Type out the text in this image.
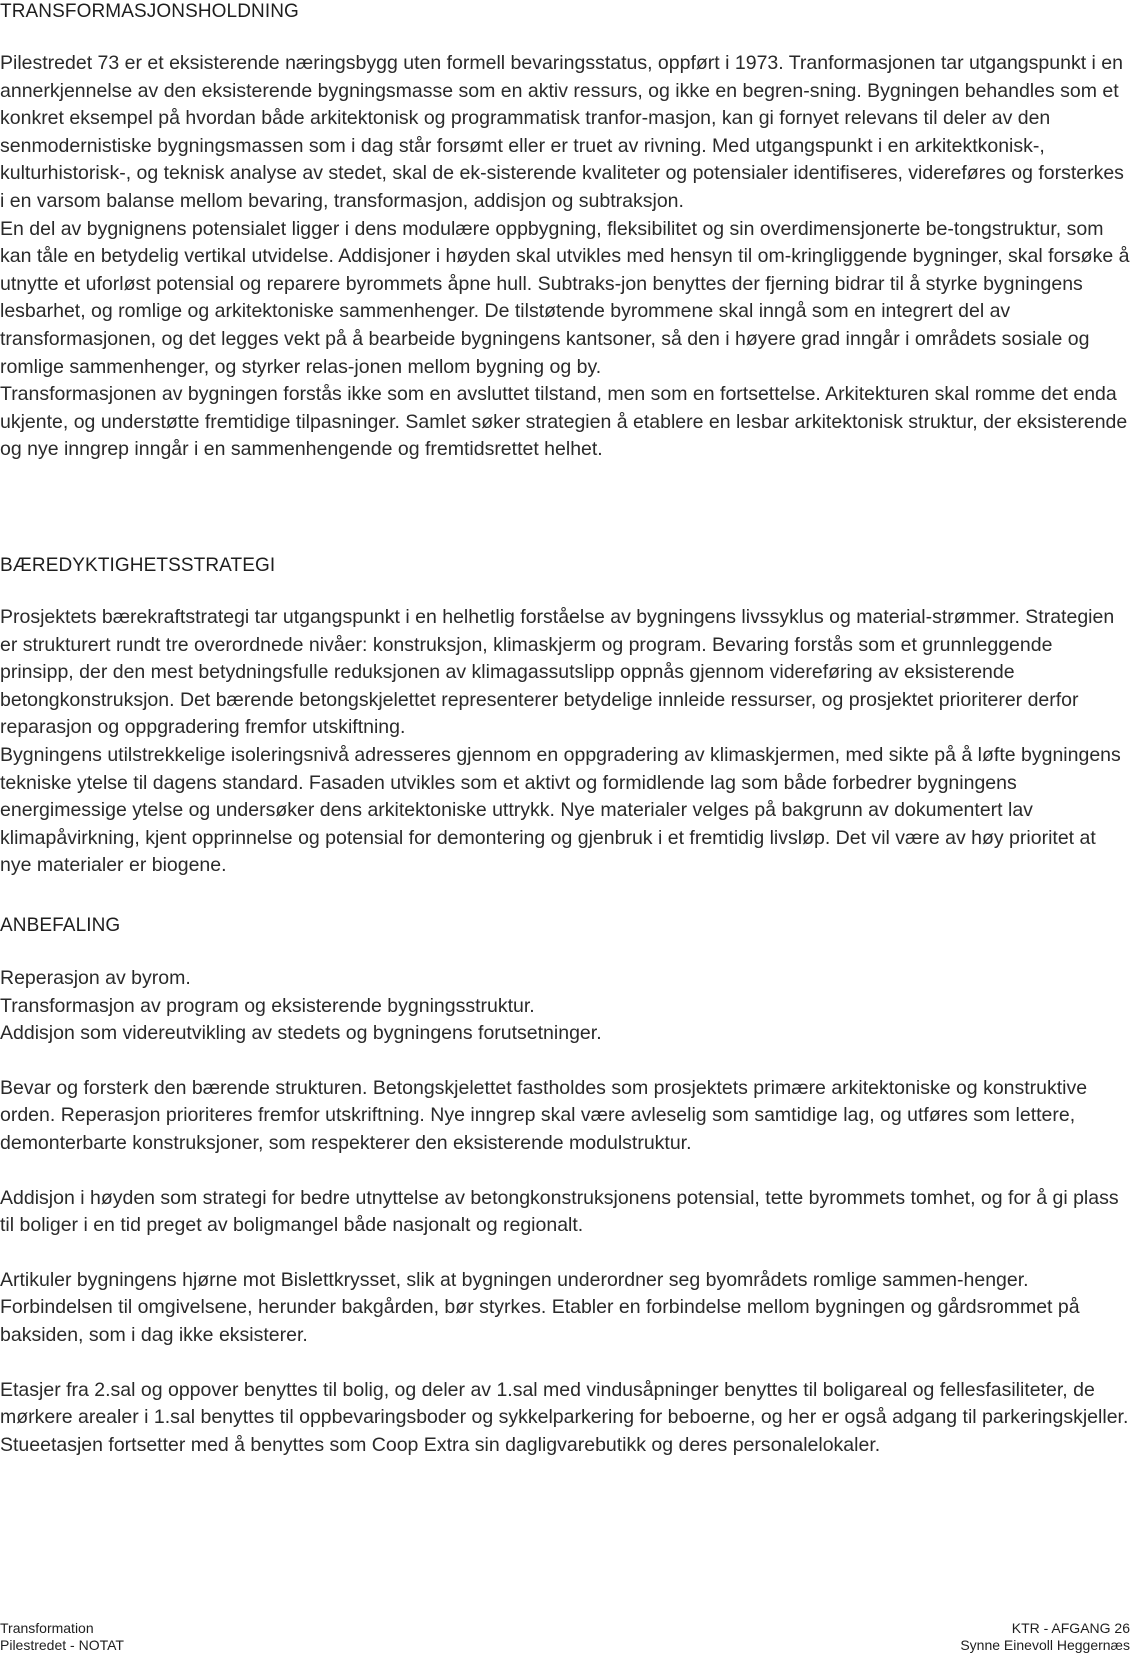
TRANSFORMASJONSHOLDNING

Pilestredet 73 er et eksisterende næringsbygg uten formell bevaringsstatus, oppført i 1973. Tranformasjonen tar utgangspunkt i en annerkjennelse av den eksisterende bygningsmasse som en aktiv ressurs, og ikke en begren-sning. Bygningen behandles som et konkret eksempel på hvordan både arkitektonisk og programmatisk tranfor-masjon, kan gi fornyet relevans til deler av den senmodernistiske bygningsmassen som i dag står forsømt eller er truet av rivning. Med utgangspunkt i en arkitektkonisk-, kulturhistorisk-, og teknisk analyse av stedet, skal de ek-sisterende kvaliteter og potensialer identifiseres, videreføres og forsterkes i en varsom balanse mellom bevaring, transformasjon, addisjon og subtraksjon.

En del av bygnignens potensialet ligger i dens modulære oppbygning, fleksibilitet og sin overdimensjonerte be-tongstruktur, som kan tåle en betydelig vertikal utvidelse. Addisjoner i høyden skal utvikles med hensyn til om-kringliggende bygninger, skal forsøke å utnytte et uforløst potensial og reparere byrommets åpne hull. Subtraks-jon benyttes der fjerning bidrar til å styrke bygningens lesbarhet, og romlige og arkitektoniske sammenhenger. De tilstøtende byrommene skal inngå som en integrert del av transformasjonen, og det legges vekt på å bearbeide bygningens kantsoner, så den i høyere grad inngår i områdets sosiale og romlige sammenhenger, og styrker relas-jonen mellom bygning og by.

Transformasjonen av bygningen forstås ikke som en avsluttet tilstand, men som en fortsettelse. Arkitekturen skal romme det enda ukjente, og understøtte fremtidige tilpasninger. Samlet søker strategien å etablere en lesbar arkitektonisk struktur, der eksisterende og nye inngrep inngår i en sammenhengende og fremtidsrettet helhet.

BÆREDYKTIGHETSSTRATEGI

Prosjektets bærekraftstrategi tar utgangspunkt i en helhetlig forståelse av bygningens livssyklus og material-strømmer. Strategien er strukturert rundt tre overordnede nivåer: konstruksjon, klimaskjerm og program. Bevaring forstås som et grunnleggende prinsipp, der den mest betydningsfulle reduksjonen av klimagassutslipp oppnås gjennom videreføring av eksisterende betongkonstruksjon. Det bærende betongskjelettet representerer betydelige innleide ressurser, og prosjektet prioriterer derfor reparasjon og oppgradering fremfor utskiftning.

Bygningens utilstrekkelige isoleringsnivå adresseres gjennom en oppgradering av klimaskjermen, med sikte på å løfte bygningens tekniske ytelse til dagens standard. Fasaden utvikles som et aktivt og formidlende lag som både forbedrer bygningens energimessige ytelse og undersøker dens arkitektoniske uttrykk. Nye materialer velges på bakgrunn av dokumentert lav klimapåvirkning, kjent opprinnelse og potensial for demontering og gjenbruk i et fremtidig livsløp. Det vil være av høy prioritet at nye materialer er biogene.

ANBEFALING

Reperasjon av byrom.

Transformasjon av program og eksisterende bygningsstruktur.

Addisjon som videreutvikling av stedets og bygningens forutsetninger.

Bevar og forsterk den bærende strukturen. Betongskjelettet fastholdes som prosjektets primære arkitektoniske og konstruktive orden. Reperasjon prioriteres fremfor utskriftning. Nye inngrep skal være avleselig som samtidige lag, og utføres som lettere, demonterbarte konstruksjoner, som respekterer den eksisterende modulstruktur.

Addisjon i høyden som strategi for bedre utnyttelse av betongkonstruksjonens potensial, tette byrommets tomhet, og for å gi plass til boliger i en tid preget av boligmangel både nasjonalt og regionalt.

Artikuler bygningens hjørne mot Bislettkrysset, slik at bygningen underordner seg byområdets romlige sammen-henger. Forbindelsen til omgivelsene, herunder bakgården, bør styrkes. Etabler en forbindelse mellom bygningen og gårdsrommet på baksiden, som i dag ikke eksisterer.

Etasjer fra 2.sal og oppover benyttes til bolig, og deler av 1.sal med vindusåpninger benyttes til boligareal og fellesfasiliteter, de mørkere arealer i 1.sal benyttes til oppbevaringsboder og sykkelparkering for beboerne, og her er også adgang til parkeringskjeller. Stueetasjen fortsetter med å benyttes som Coop Extra sin dagligvarebutikk og deres personalelokaler.

Transformation
Pilestredet - NOTAT
KTR - AFGANG 26
Synne Einevoll Heggernæs
